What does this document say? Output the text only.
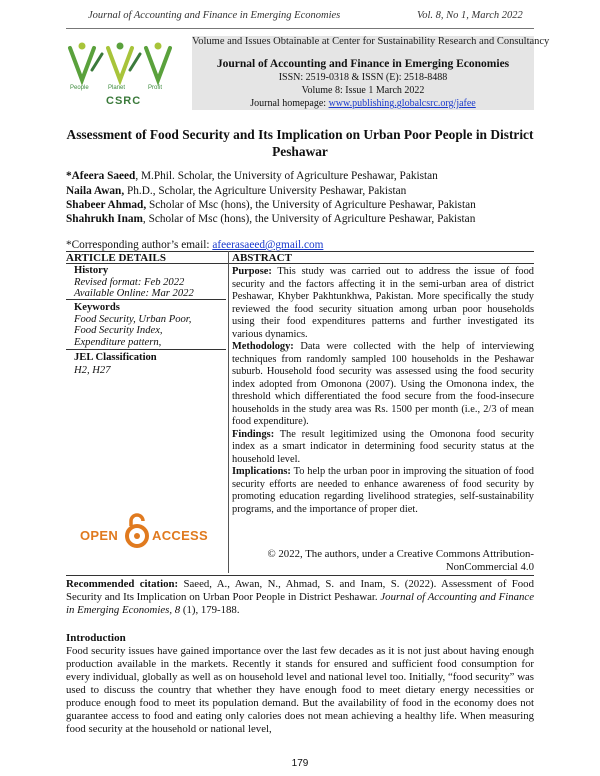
Journal of Accounting and Finance in Emerging Economies	Vol. 8, No 1, March 2022
People	Planet	Profit
CSRC
Volume and Issues Obtainable at Center for Sustainability Research and Consultancy
Journal of Accounting and Finance in Emerging Economies
ISSN: 2519-0318 & ISSN (E): 2518-8488
Volume 8: Issue 1 March 2022
Journal homepage: www.publishing.globalcsrc.org/jafee
Assessment of Food Security and Its Implication on Urban Poor People in District Peshawar
*Afeera Saeed, M.Phil. Scholar, the University of Agriculture Peshawar, Pakistan
Naila Awan, Ph.D., Scholar, the Agriculture University Peshawar, Pakistan
Shabeer Ahmad, Scholar of Msc (hons), the University of Agriculture Peshawar, Pakistan
Shahrukh Inam, Scholar of Msc (hons), the University of Agriculture Peshawar, Pakistan
*Corresponding author’s email: afeerasaeed@gmail.com
ARTICLE DETAILS	ABSTRACT
History
Revised format: Feb 2022
Available Online: Mar 2022
Keywords
Food Security, Urban Poor,
Food Security Index,
Expenditure pattern,
JEL Classification
H2, H27

Purpose: This study was carried out to address the issue of food security and the factors affecting it in the semi-urban area of district Peshawar, Khyber Pakhtunkhwa, Pakistan. More specifically the study reviewed the food security situation among urban poor households using their food expenditures patterns and further investigated its various dynamics.

Methodology: Data were collected with the help of interviewing techniques from randomly sampled 100 households in the Peshawar suburb. Household food security was assessed using the food security index adopted from Omonona (2007). Using the Omonona index, the threshold which differentiated the food secure from the food-insecure households in the study area was Rs. 1500 per month (i.e., 2/3 of mean food expenditure).

Findings: The result legitimized using the Omonona food security index as a smart indicator in determining food security status at the household level.

Implications: To help the urban poor in improving the situation of food security efforts are needed to enhance awareness of food security by promoting education regarding livelihood strategies, self-sustainability programs, and the importance of proper diet.

OPEN	ACCESS
© 2022, The authors, under a Creative Commons Attribution-NonCommercial 4.0
Recommended citation: Saeed, A., Awan, N., Ahmad, S. and Inam, S. (2022). Assessment of Food Security and Its Implication on Urban Poor People in District Peshawar. Journal of Accounting and Finance in Emerging Economies, 8 (1), 179-188.
Introduction
Food security issues have gained importance over the last few decades as it is not just about having enough production available in the markets. Recently it stands for ensured and sufficient food consumption for every individual, globally as well as on household level and national level too. Initially, “food security” was used to discuss the country that whether they have enough food to meet dietary energy necessities or produce enough food to meet its population demand. But the availability of food in the economy does not guarantee access to food and eating only calories does not mean achieving a healthy life. When measuring food security at the household or national level,
179
